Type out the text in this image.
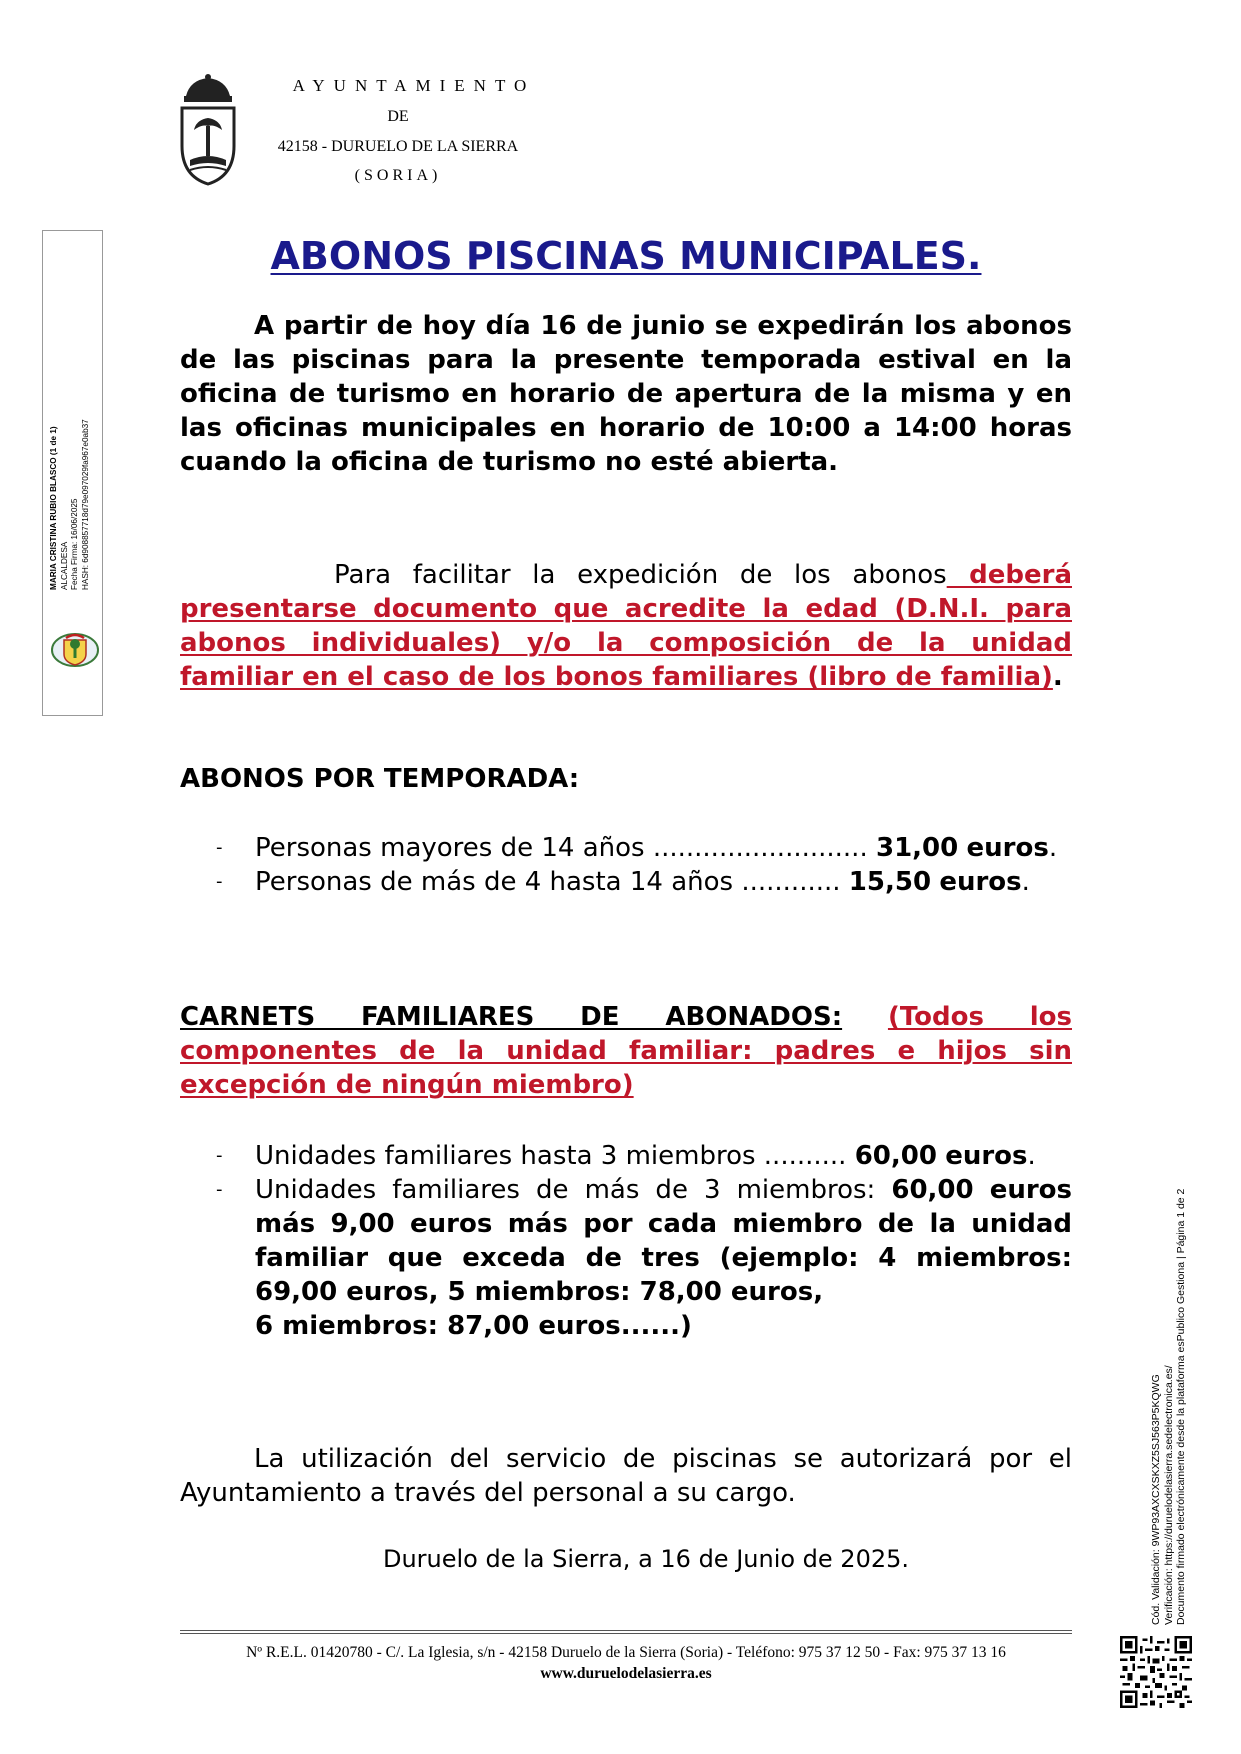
AYUNTAMIENTO
DE
42158 - DURUELO DE LA SIERRA
(SORIA)
MARIA CRISTINA RUBIO BLASCO (1 de 1) ALCALDESA Fecha Firma: 16/06/2025 HASH: 6d908857718d79e097029fa967e0ab37
ABONOS PISCINAS MUNICIPALES.
A partir de hoy día 16 de junio se expedirán los abonos de las piscinas para la presente temporada estival en la oficina de turismo en horario de apertura de la misma y en las oficinas municipales en horario de 10:00 a 14:00 horas cuando la oficina de turismo no esté abierta.
Para facilitar la expedición de los abonos deberá presentarse documento que acredite la edad (D.N.I. para abonos individuales) y/o la composición de la unidad familiar en el caso de los bonos familiares (libro de familia).
ABONOS POR TEMPORADA:
- Personas mayores de 14 años .......................... 31,00 euros.
- Personas de más de 4 hasta 14 años ............ 15,50 euros.
CARNETS FAMILIARES DE ABONADOS: (Todos los componentes de la unidad familiar: padres e hijos sin excepción de ningún miembro)
- Unidades familiares hasta 3 miembros .......... 60,00 euros.
- Unidades familiares de más de 3 miembros: 60,00 euros más 9,00 euros más por cada miembro de la unidad familiar que exceda de tres (ejemplo: 4 miembros: 69,00 euros, 5 miembros: 78,00 euros,
6 miembros: 87,00 euros......)
La utilización del servicio de piscinas se autorizará por el Ayuntamiento a través del personal a su cargo.
Duruelo de la Sierra, a 16 de Junio de 2025.
Nº R.E.L. 01420780 - C/. La Iglesia, s/n - 42158 Duruelo de la Sierra (Soria) - Teléfono: 975 37 12 50 - Fax: 975 37 13 16
www.duruelodelasierra.es
Cód. Validación: 9WP93AXCXSKXZ5SJ563P5KQWG Verificación: https://duruelodelasierra.sedelectronica.es/ Documento firmado electrónicamente desde la plataforma esPublico Gestiona | Página 1 de 2
